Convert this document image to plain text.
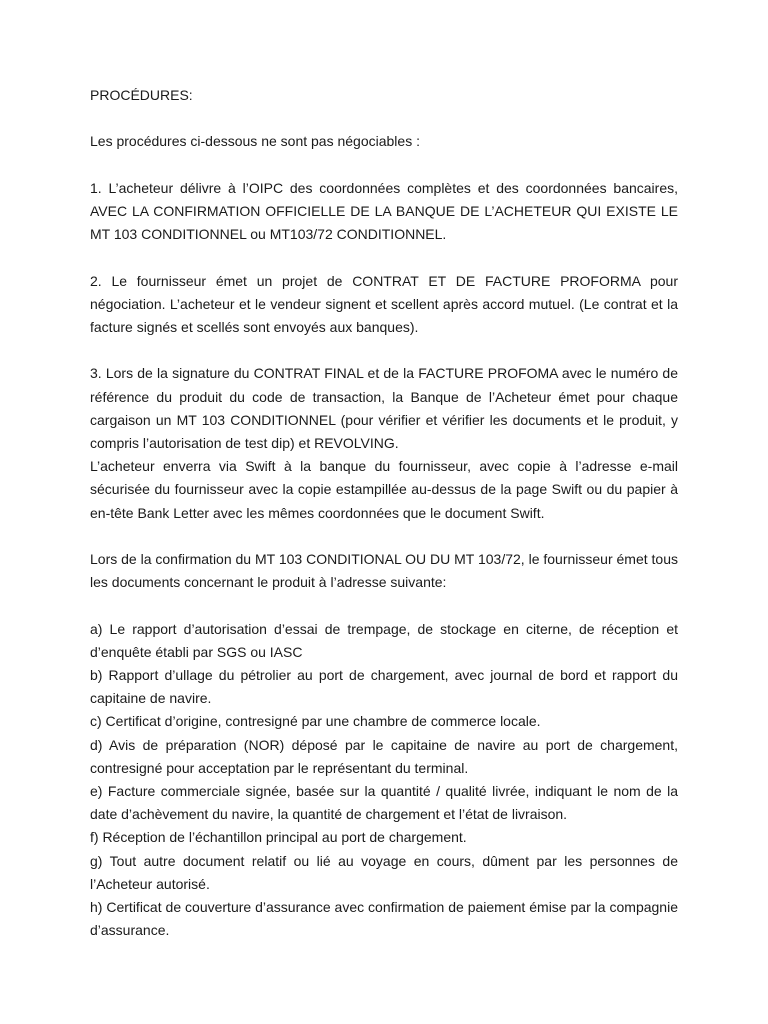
PROCÉDURES:

Les procédures ci-dessous ne sont pas négociables :

1. L’acheteur délivre à l’OIPC des coordonnées complètes et des coordonnées bancaires, AVEC LA CONFIRMATION OFFICIELLE DE LA BANQUE DE L’ACHETEUR QUI EXISTE LE MT 103 CONDITIONNEL ou MT103/72 CONDITIONNEL.

2. Le fournisseur émet un projet de CONTRAT ET DE FACTURE PROFORMA pour négociation. L’acheteur et le vendeur signent et scellent après accord mutuel. (Le contrat et la facture signés et scellés sont envoyés aux banques).

3. Lors de la signature du CONTRAT FINAL et de la FACTURE PROFOMA avec le numéro de référence du produit du code de transaction, la Banque de l’Acheteur émet pour chaque cargaison un MT 103 CONDITIONNEL (pour vérifier et vérifier les documents et le produit, y compris l’autorisation de test dip) et REVOLVING.

L’acheteur enverra via Swift à la banque du fournisseur, avec copie à l’adresse e-mail sécurisée du fournisseur avec la copie estampillée au-dessus de la page Swift ou du papier à en-tête Bank Letter avec les mêmes coordonnées que le document Swift.

Lors de la confirmation du MT 103 CONDITIONAL OU DU MT 103/72, le fournisseur émet tous les documents concernant le produit à l’adresse suivante:

a) Le rapport d’autorisation d’essai de trempage, de stockage en citerne, de réception et d’enquête établi par SGS ou IASC

b) Rapport d’ullage du pétrolier au port de chargement, avec journal de bord et rapport du capitaine de navire.

c) Certificat d’origine, contresigné par une chambre de commerce locale.

d) Avis de préparation (NOR) déposé par le capitaine de navire au port de chargement, contresigné pour acceptation par le représentant du terminal.

e) Facture commerciale signée, basée sur la quantité / qualité livrée, indiquant le nom de la date d’achèvement du navire, la quantité de chargement et l’état de livraison.

f) Réception de l’échantillon principal au port de chargement.

g) Tout autre document relatif ou lié au voyage en cours, dûment par les personnes de l’Acheteur autorisé.

h) Certificat de couverture d’assurance avec confirmation de paiement émise par la compagnie d’assurance.
